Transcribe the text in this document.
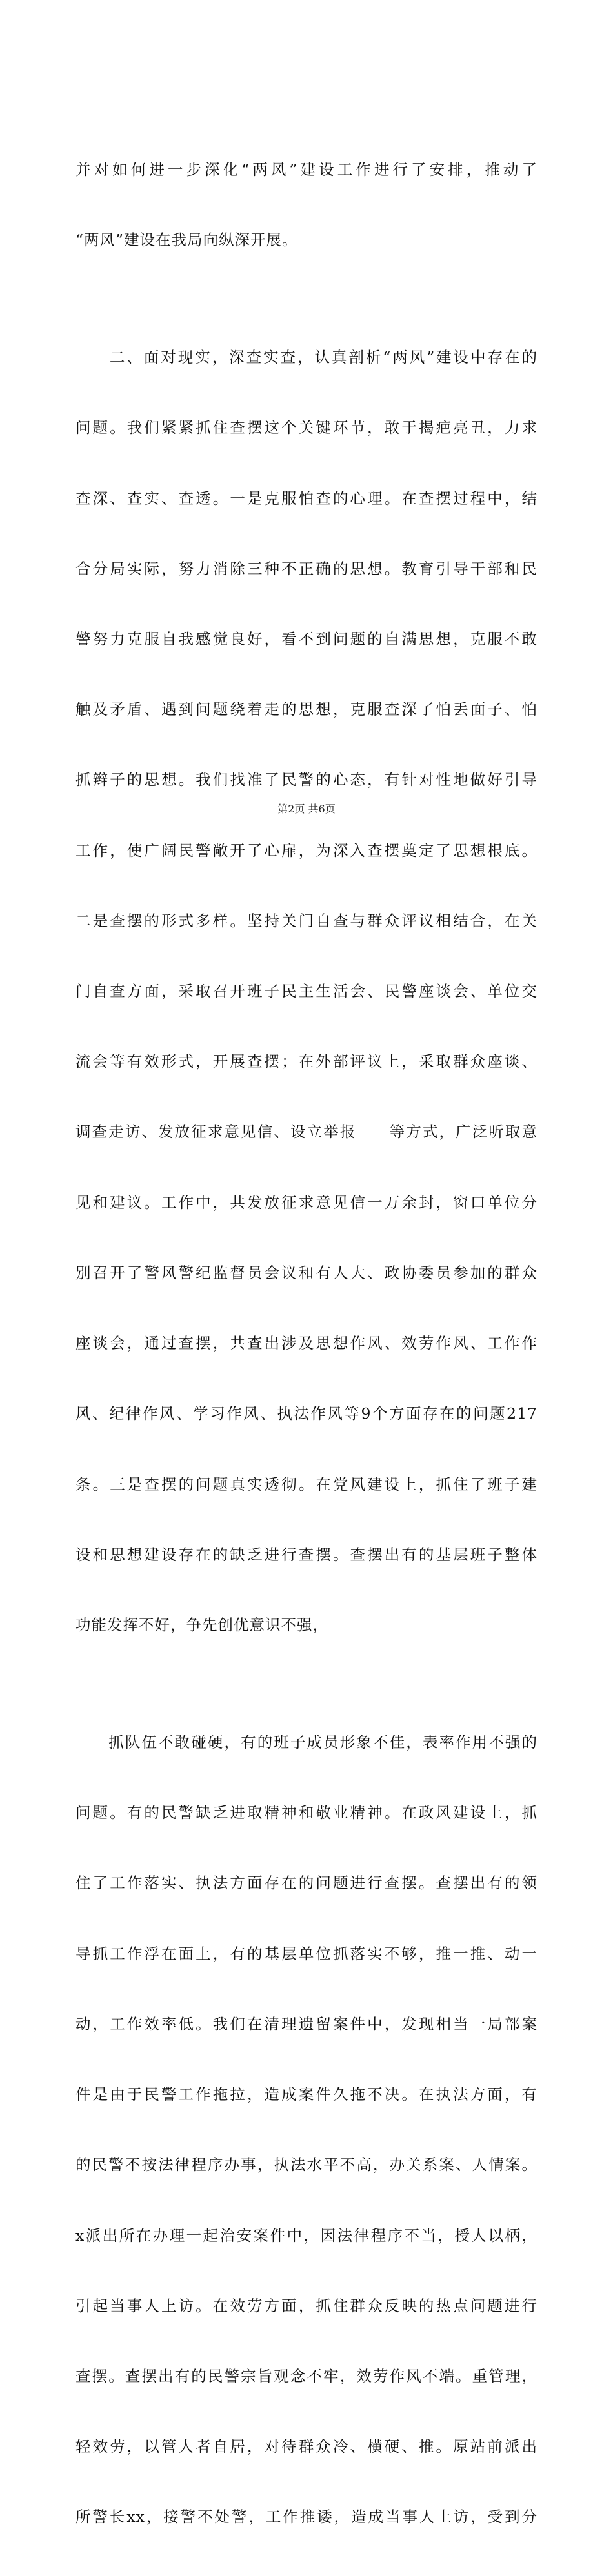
并对如何进一步深化“两风”建设工作进行了安排，推动了

“两风”建设在我局向纵深开展。

　　二、面对现实，深查实查，认真剖析“两风”建设中存在的

问题。我们紧紧抓住查摆这个关键环节，敢于揭疤亮丑，力求

查深、查实、查透。一是克服怕查的心理。在查摆过程中，结

合分局实际，努力消除三种不正确的思想。教育引导干部和民

警努力克服自我感觉良好，看不到问题的自满思想，克服不敢

触及矛盾、遇到问题绕着走的思想，克服查深了怕丢面子、怕

抓辫子的思想。我们找准了民警的心态，有针对性地做好引导

工作，使广阔民警敞开了心扉，为深入查摆奠定了思想根底。

二是查摆的形式多样。坚持关门自查与群众评议相结合，在关

门自查方面，采取召开班子民主生活会、民警座谈会、单位交

流会等有效形式，开展查摆；在外部评议上，采取群众座谈、

调查走访、发放征求意见信、设立举报　　等方式，广泛听取意

见和建议。工作中，共发放征求意见信一万余封，窗口单位分

别召开了警风警纪监督员会议和有人大、政协委员参加的群众

座谈会，通过查摆，共查出涉及思想作风、效劳作风、工作作

风、纪律作风、学习作风、执法作风等9个方面存在的问题217

条。三是查摆的问题真实透彻。在党风建设上，抓住了班子建

设和思想建设存在的缺乏进行查摆。查摆出有的基层班子整体

功能发挥不好，争先创优意识不强，

　　抓队伍不敢碰硬，有的班子成员形象不佳，表率作用不强的

问题。有的民警缺乏进取精神和敬业精神。在政风建设上，抓

住了工作落实、执法方面存在的问题进行查摆。查摆出有的领

导抓工作浮在面上，有的基层单位抓落实不够，推一推、动一

动，工作效率低。我们在清理遗留案件中，发现相当一局部案

件是由于民警工作拖拉，造成案件久拖不决。在执法方面，有

的民警不按法律程序办事，执法水平不高，办关系案、人情案。

x派出所在办理一起治安案件中，因法律程序不当，授人以柄，

引起当事人上访。在效劳方面，抓住群众反映的热点问题进行

查摆。查摆出有的民警宗旨观念不牢，效劳作风不端。重管理，

轻效劳，以管人者自居，对待群众冷、横硬、推。原站前派出

所警长xx，接警不处警，工作推诿，造成当事人上访，受到分

第2页 共6页
